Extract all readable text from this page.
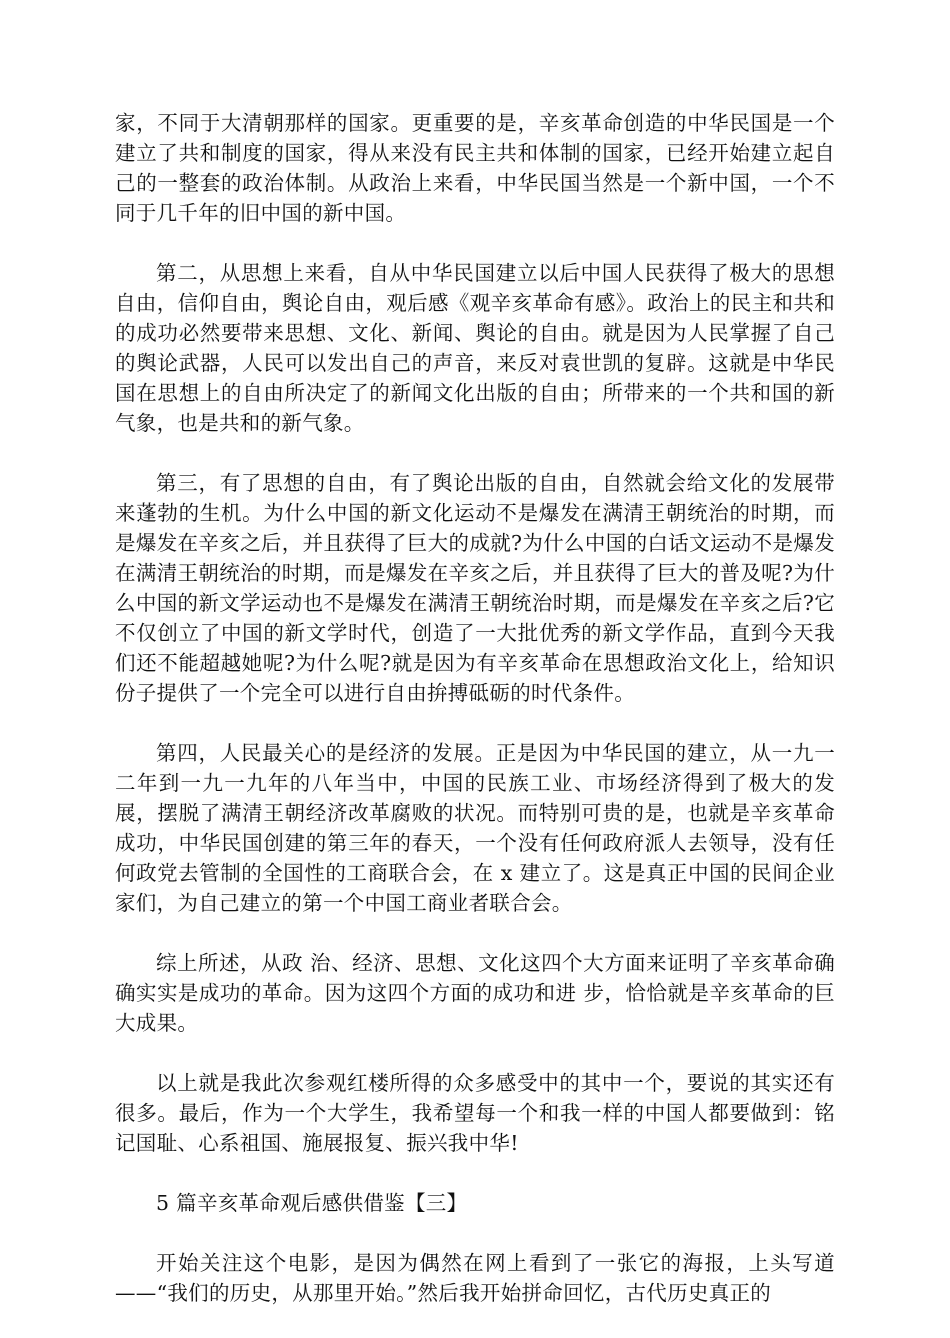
家，不同于大清朝那样的国家。更重要的是，辛亥革命创造的中华民国是一个建立了共和制度的国家，得从来没有民主共和体制的国家，已经开始建立起自己的一整套的政治体制。从政治上来看，中华民国当然是一个新中国，一个不同于几千年的旧中国的新中国。

第二，从思想上来看，自从中华民国建立以后中国人民获得了极大的思想自由，信仰自由，舆论自由，观后感《观辛亥革命有感》。政治上的民主和共和的成功必然要带来思想、文化、新闻、舆论的自由。就是因为人民掌握了自己的舆论武器，人民可以发出自己的声音，来反对袁世凯的复辟。这就是中华民国在思想上的自由所决定了的新闻文化出版的自由；所带来的一个共和国的新气象，也是共和的新气象。

第三，有了思想的自由，有了舆论出版的自由，自然就会给文化的发展带来蓬勃的生机。为什么中国的新文化运动不是爆发在满清王朝统治的时期，而是爆发在辛亥之后，并且获得了巨大的成就?为什么中国的白话文运动不是爆发在满清王朝统治的时期，而是爆发在辛亥之后，并且获得了巨大的普及呢?为什么中国的新文学运动也不是爆发在满清王朝统治时期，而是爆发在辛亥之后?它不仅创立了中国的新文学时代，创造了一大批优秀的新文学作品，直到今天我们还不能超越她呢?为什么呢?就是因为有辛亥革命在思想政治文化上，给知识份子提供了一个完全可以进行自由拚搏砥砺的时代条件。

第四，人民最关心的是经济的发展。正是因为中华民国的建立，从一九一二年到一九一九年的八年当中，中国的民族工业、市场经济得到了极大的发展，摆脱了满清王朝经济改革腐败的状况。而特别可贵的是，也就是辛亥革命成功，中华民国创建的第三年的春天，一个没有任何政府派人去领导，没有任何政党去管制的全国性的工商联合会，在 x 建立了。这是真正中国的民间企业家们，为自己建立的第一个中国工商业者联合会。

综上所述，从政 治、经济、思想、文化这四个大方面来证明了辛亥革命确确实实是成功的革命。因为这四个方面的成功和进 步，恰恰就是辛亥革命的巨大成果。

以上就是我此次参观红楼所得的众多感受中的其中一个，要说的其实还有很多。最后，作为一个大学生，我希望每一个和我一样的中国人都要做到：铭记国耻、心系祖国、施展报复、振兴我中华!

5 篇辛亥革命观后感供借鉴【三】

开始关注这个电影，是因为偶然在网上看到了一张它的海报，上头写道——“我们的历史，从那里开始。”然后我开始拼命回忆，古代历史真正的
